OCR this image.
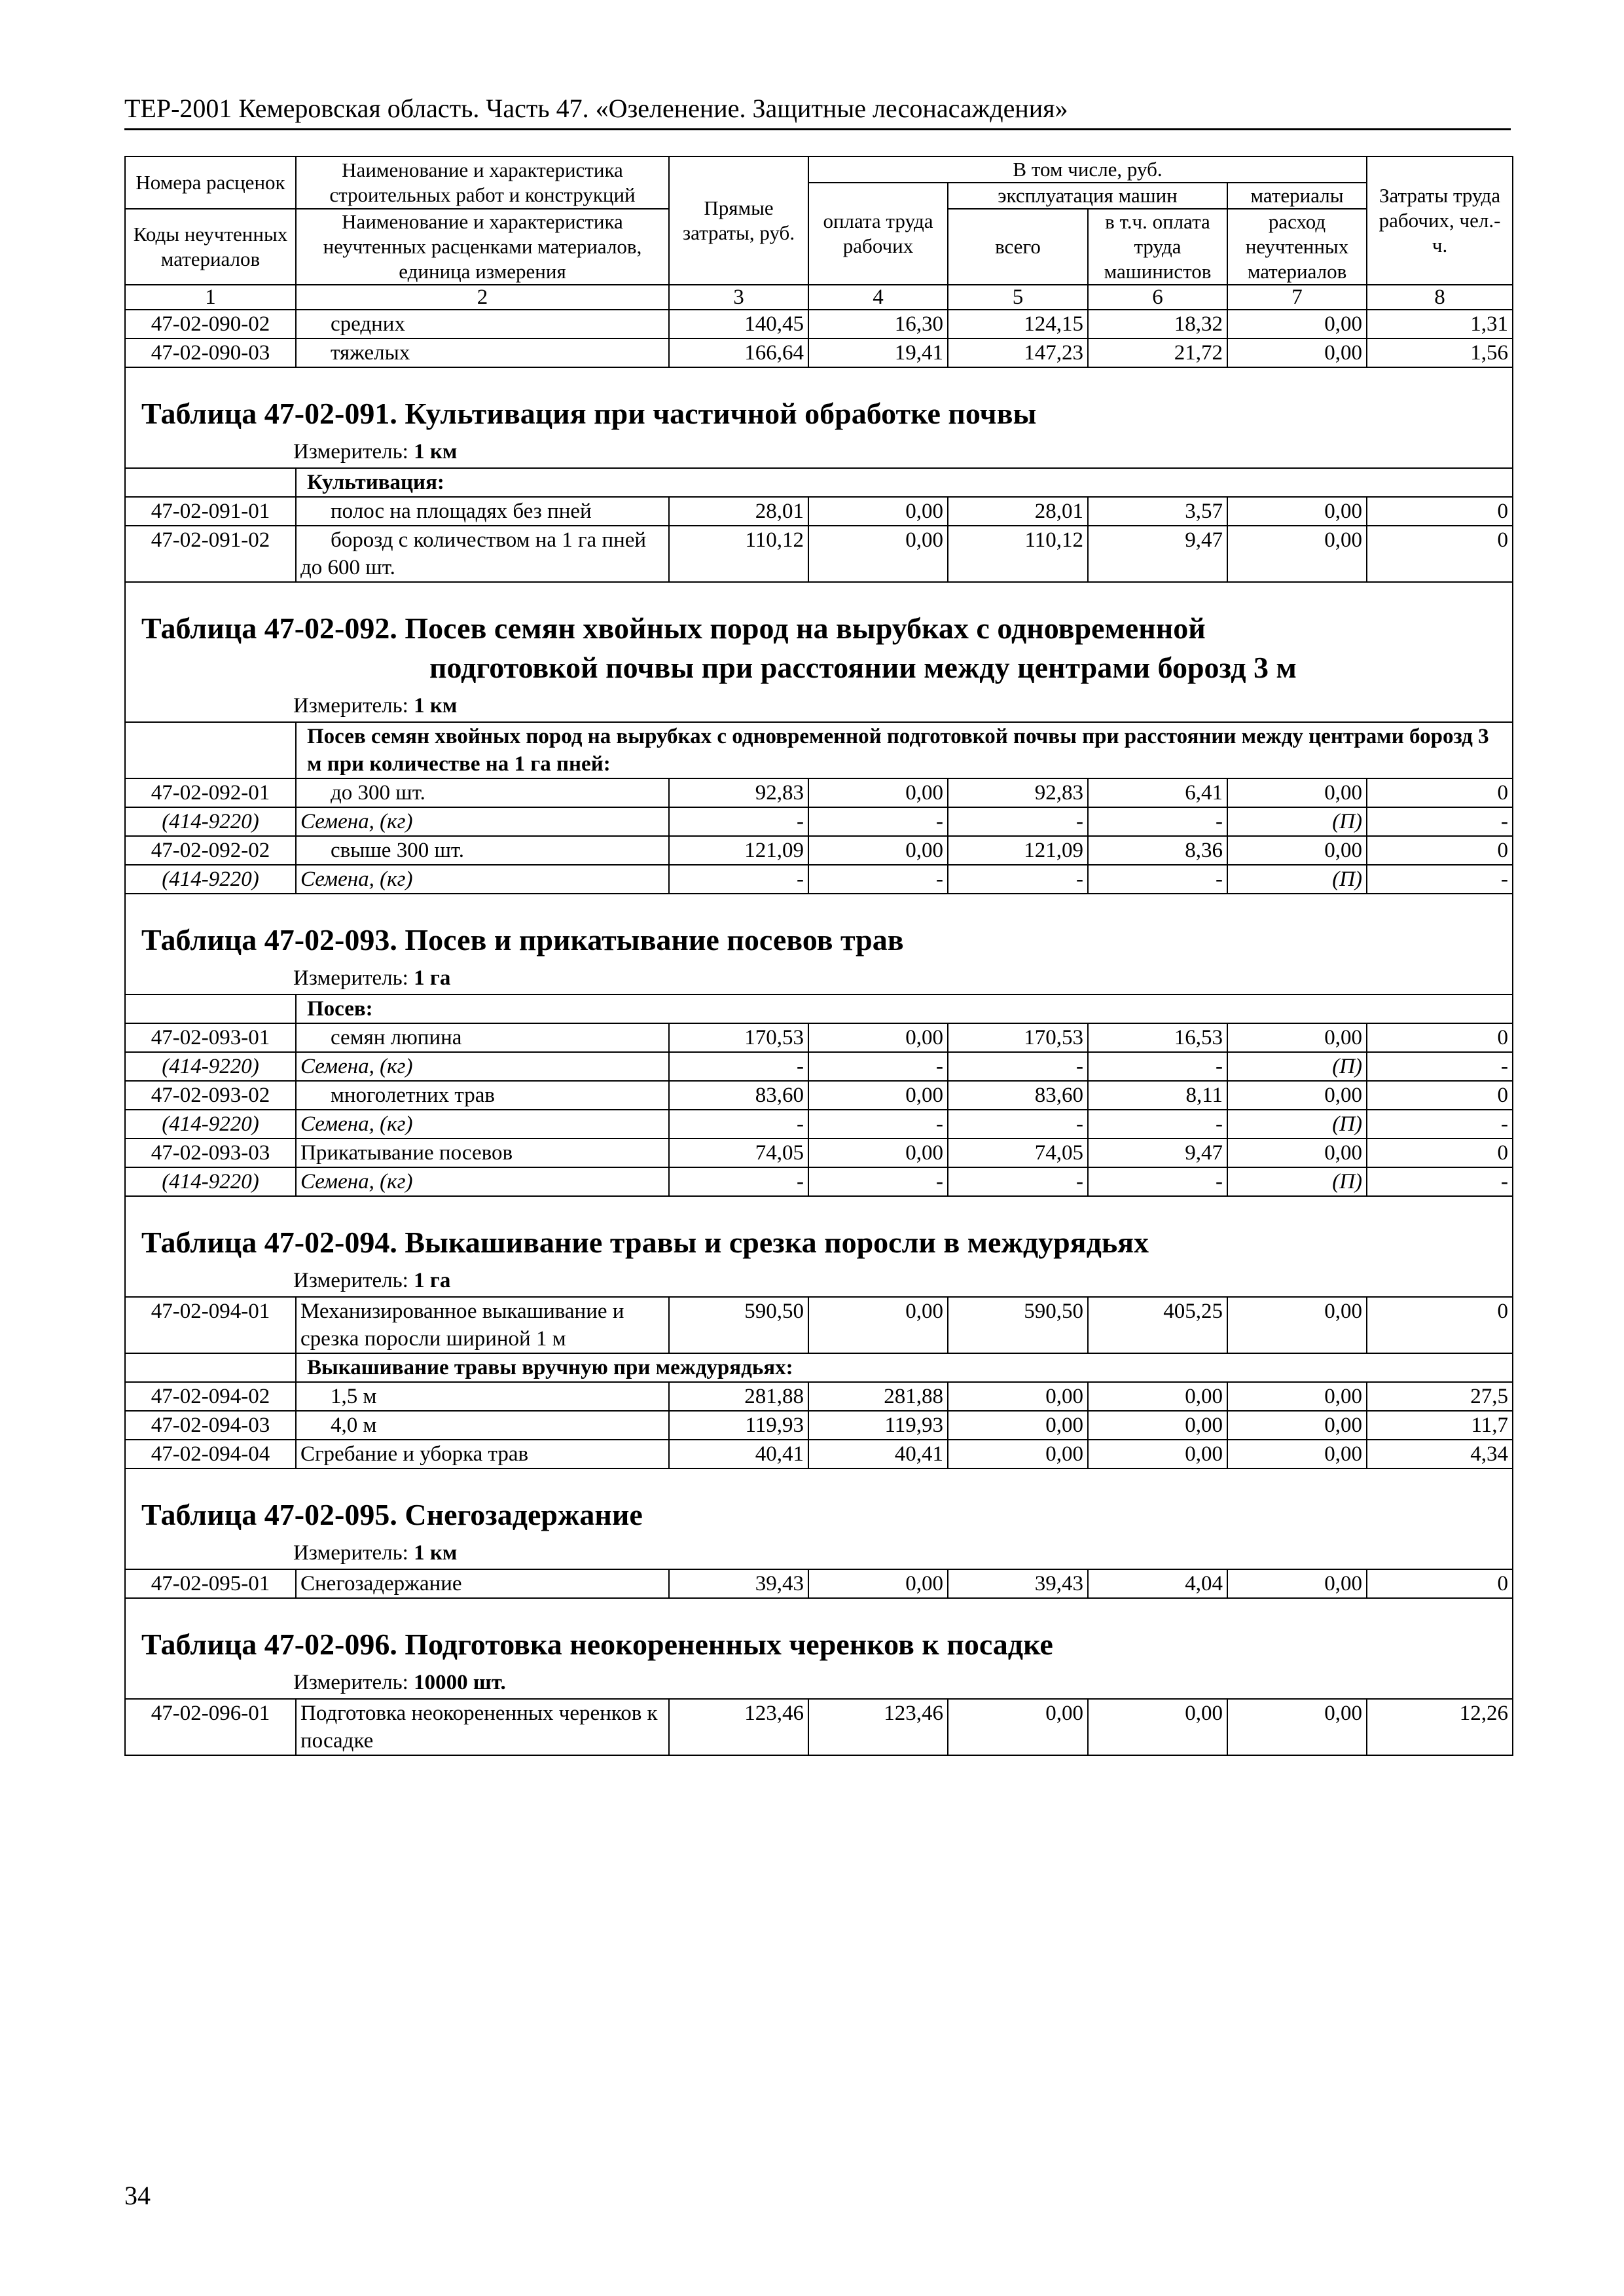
ТЕР-2001 Кемеровская область. Часть 47. «Озеленение. Защитные лесонасаждения»
Номера расценок	Наименование и характеристика строительных работ и конструкций	Прямые затраты, руб.	В том числе, руб.				Затраты труда рабочих, чел.-ч.
			оплата труда рабочих	эксплуатация машин		материалы	
Коды неучтенных материалов	Наименование и характеристика неучтенных расценками материалов, единица измерения			всего	в т.ч. оплата труда машинистов	расход неучтенных материалов	

1	2	3	4	5	6	7	8
47-02-090-02	средних	140,45	16,30	124,15	18,32	0,00	1,31
47-02-090-03	тяжелых	166,64	19,41	147,23	21,72	0,00	1,56

Таблица 47-02-091. Культивация при частичной обработке почвы
Измеритель: 1 км							

	Культивация:						
47-02-091-01	полос на площадях без пней	28,01	0,00	28,01	3,57	0,00	0
47-02-091-02	борозд с количеством на 1 га пней до 600 шт.	110,12	0,00	110,12	9,47	0,00	0

Таблица 47-02-092. Посев семян хвойных пород на вырубках с одновременной
подготовкой почвы при расстоянии между центрами борозд 3 м
Измеритель: 1 км							

	Посев семян хвойных пород на вырубках с одновременной подготовкой почвы при расстоянии между центрами борозд 3 м при количестве на 1 га пней:						
47-02-092-01	до 300 шт.	92,83	0,00	92,83	6,41	0,00	0
(414-9220)	Семена, (кг)	-	-	-	-	(П)	-
47-02-092-02	свыше 300 шт.	121,09	0,00	121,09	8,36	0,00	0
(414-9220)	Семена, (кг)	-	-	-	-	(П)	-

Таблица 47-02-093. Посев и прикатывание посевов трав
Измеритель: 1 га							

	Посев:						
47-02-093-01	семян люпина	170,53	0,00	170,53	16,53	0,00	0
(414-9220)	Семена, (кг)	-	-	-	-	(П)	-
47-02-093-02	многолетних трав	83,60	0,00	83,60	8,11	0,00	0
(414-9220)	Семена, (кг)	-	-	-	-	(П)	-
47-02-093-03	Прикатывание посевов	74,05	0,00	74,05	9,47	0,00	0
(414-9220)	Семена, (кг)	-	-	-	-	(П)	-

Таблица 47-02-094. Выкашивание травы и срезка поросли в междурядьях
Измеритель: 1 га							

47-02-094-01	Механизированное выкашивание и срезка поросли шириной 1 м	590,50	0,00	590,50	405,25	0,00	0
	Выкашивание травы вручную при междурядьях:						
47-02-094-02	1,5 м	281,88	281,88	0,00	0,00	0,00	27,5
47-02-094-03	4,0 м	119,93	119,93	0,00	0,00	0,00	11,7
47-02-094-04	Сгребание и уборка трав	40,41	40,41	0,00	0,00	0,00	4,34

Таблица 47-02-095. Снегозадержание
Измеритель: 1 км							

47-02-095-01	Снегозадержание	39,43	0,00	39,43	4,04	0,00	0

Таблица 47-02-096. Подготовка неокорененных черенков к посадке
Измеритель: 10000 шт.							

47-02-096-01	Подготовка неокорененных черенков к посадке	123,46	123,46	0,00	0,00	0,00	12,26
34
